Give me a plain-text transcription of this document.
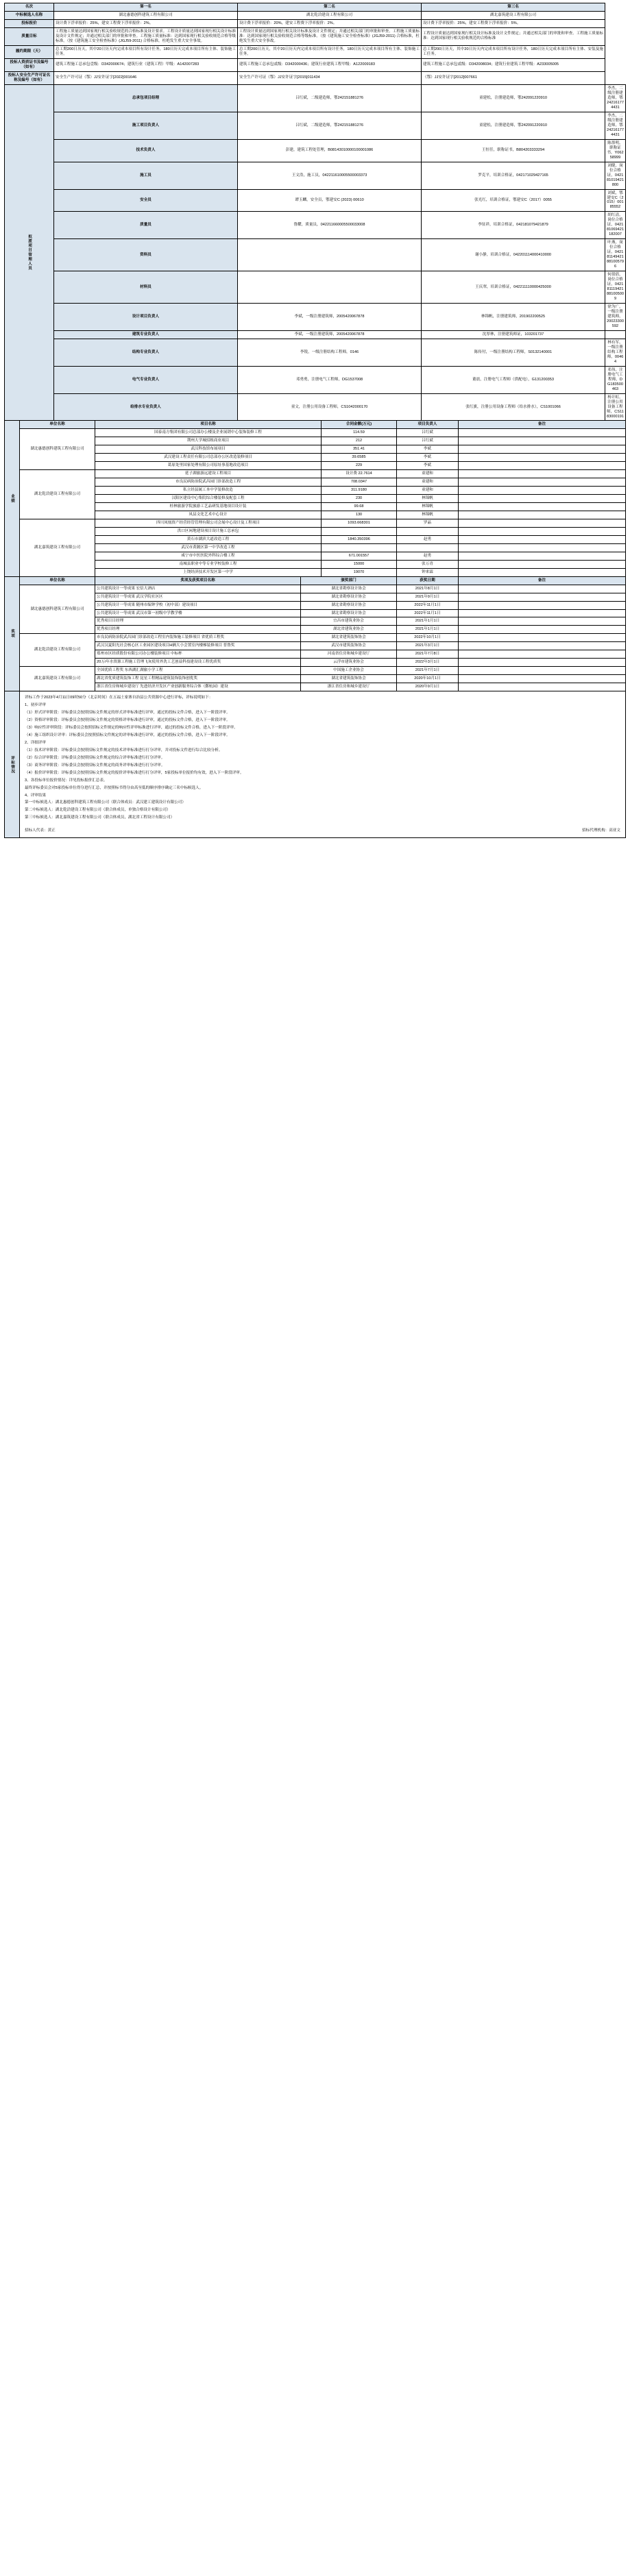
名次	第一名	第二名	第三名	
中标候选人名称	湖北惠德创科建筑工程有限公司	湖北乾洽建设工程有限公司	湖北嘉筑建设工程有限公司	
投标报价	设计费下浮率报价：25%，建安工程费下浮率报价：2%。	设计费下浮率报价：20%，建安工程费下浮率报价：2%。	设计费下浮率报价：25%，建安工程费下浮率报价：5%。	
质量目标	工程施工质量达到国家现行相关验收规范的合格标准及设计要求。工程设计质量达到国家现行相关设计标准及设计文件规定；并通过相关部门的审批和审查。工程施工质量标准：达到国家现行相关验收规范合格等级标准。（按《建筑施工安全检查标准》(JGJ59-2011) 合格标准，杜绝发生重大安全事故。	工程设计质量达到国家现行相关设计标准及设计文件规定；并通过相关部门的审批和审查。工程施工质量标准：达到国家现行相关验收规范合格等级标准。（按《建筑施工安全检查标准》(JGJ59-2011) 合格标准，杜绝发生重大安全事故。	工程设计质量达到国家现行相关设计标准及设计文件规定；并通过相关部门的审批和审查。工程施工质量标准：达到国家现行相关验收规范的合格标准	
履约期限（天）	总工期200日历天，其中20日历天内完成本项目所有设计任务，180日历天完成本项目所有主体、装饰施工任务。	总工期200日历天，其中20日历天内完成本项目所有设计任务，180日历天完成本项目所有主体、装饰施工任务。	总工期200日历天，其中20日历天内完成本项目所有设计任务，180日历天完成本项目所有主体、安装及施工任务。	
投标人资质证书及编号（如有）	建筑工程施工总承包壹级：D342000674；建筑行业（建筑工程）甲级：A142007283	建筑工程施工总承包贰级：D342000436；建筑行业建筑工程甲级：A122009183	建筑工程施工总承包贰级：D342008034；建筑行业建筑工程甲级：A233005005	
投标人安全生产许可证名称及编号（如有）	安全生产许可证（鄂）JJ安许证字[2022]001646	安全生产许可证（鄂）JJ安许证字[2015]011434	（鄂）JJ安许证字[2012]007661	
拟派项目管理人员	总承包项目经理	吕红斌，二级建造师，鄂242151881276	童建松，注册建造师，鄂242091220910	李杰，二级注册建造师，鄂242161774431
	施工项目负责人	吕红斌，二级建造师，鄂242151881276	童建松，注册建造师，鄂242091220910	李杰，二级注册建造师，鄂242161774431
	技术负责人	彭建，建筑工程处管理，B08143010000100001086	王恒任，职称证书，B804203333294	陈墨明，职称证书，Y06258999
	施工员	王文浩，施工员，042211610005500003373	罗克平，培训合格证，042171029427165	刘健，岗位合格证，042181019421800
	安全员	谭玉麟，安全员，鄂建安C (2023) 00610	张光红，培训合格证，鄂建安C（2017）0055	刘斌，鄂建安C（2015）00185552
	质量员	鲁耀，质量员，042211660005500033008	李征祥，培训合格证，042181079421879	胡红清，岗位合格证，042181069421182007
	资料员		谢小静，培训合格证，042201114000410000	叶燕，岗位合格证，042181149421881005796
	材料员		王庆翠，培训合格证，042211110000425000	何倩倩，岗位合格证，042181119421881005009
	设计项目负责人	李斌，一级注册建筑师，2005420067878	林锦帆，注册建筑师，201902200525	徐为广，一级注册建筑师，20023300592
	建筑专业负责人	李斌，一级注册建筑师，2005420067878	沈厚林，注册建筑师证，103201737	
	结构专业负责人	李锐，一级注册结构工程师，0146	陈传付，一级注册结构工程师，S0132140001	林有军，一级注册结构工程师，00464
	电气专业负责人	邓勇勇，注册电气工程师，DG1537008	董晨，注册电气工程师（供配电），G131200353	邓伟，注册电气工程师，DG183500463
	给排水专业负责人	童文，注册公用设备工程师，CS1042000170	张红旗，注册公用设备工程师（给水排水），CS1001066	杨计虹，注册公用设备工程师，CS1183000191
业绩	单位名称	项目名称	合同金额(万元)	项目负责人	备注
	湖北惠德创科建筑工程有限公司	国泰南方集团有限公司总部办公楼及企业展销中心装饰装修工程	114.59	吕红斌	
		荆州大学城招租商业项目	212	吕红斌	
		武汉科技馆布展项目	351.41	李斌	
		武汉建设工程责任有限公司总部办公区改造装修项目	39.6585	李斌	
		葛原处里国家处理有限公司原址事基地改造项目	229	李斌	
	湖北乾洽建设工程有限公司	延子湖旅游远建设工程项目	设计费 22.7614	童建和	
		市良民病防治院武昌园门诊部改造工程	708.0347	童建和	
		私立经县属工本中学装修改造	311.9180	童建和	
		汉阳区建设中心集院综合楼装修及配套工程	230	林锦帆	
		桂林旅游学院旅游工艺品研发基地项目设计装	99.68	林锦帆	
		凤县文化艺术中心设计	130	林锦帆	
	湖北嘉筑建设工程有限公司	四川凤凰资产经营经管管理有限公司会展中心设计及工程项目	1093.668301	罗晶	
		洪口区闲地建设项目设计施工总承包			
		黄石市湖滨大道改造工程	1840.350396	赵勇	
		武汉市黄陂区第一中学改造工程			
		咸宁市中医医院外科综合楼工程	671.001557	赵勇	
		南城县职业中等专业学校装修工程	15000	张万青	
		上饶经济技术开发区第一中学	19070	钟来霖	
奖项	单位名称	奖项及获奖项目名称	颁奖部门	获奖日期	备注
	湖北惠德创科建筑工程有限公司	公共建筑设计一等成果 宏信大酒店	湖北省勘察设计协会	2021年8月1日	
		公共建筑设计一等成果 武汉学院社区区	湖北省勘察设计协会	2021年9月1日	
		公共建筑设计一等成果 随州市编钟学校（初中部）建设项目	湖北省勘察设计协会	2022年11月1日	
		公共建筑设计一等成果 武汉市第一初级中学教学楼	湖北省勘察设计协会	2022年11月1日	
		优秀项目目经理	宜昌市建筑业协会	2021年1月1日	
		优秀项目经理	湖北省建筑业协会	2021年1月1日	
	湖北乾洽建设工程有限公司	市良民病防治院武昌园门诊部改造工程室内装饰施工装修项目 省优质工程奖	湖北省建筑装饰协会	2022年10月1日	
		武汉汉夏阳光社会核心区工业园区建设项目H辆大小会置室内楼梯装修项目 普鲁奖	武汉市建筑装饰协会	2021年3月1日	
		郑州市区经质股份有限公司办公楼装修项目 中标杯	河南省住房和城乡建设厅	2021年7月8日	
		20万/年水资源工程施工管理飞灰使用外洗工艺创益科技建设设工程优质奖	云浮市建筑业协会	2022年3月1日	
	湖北嘉筑建设工程有限公司	全国优质工程奖 东西湖汇湖旅小学工程	中国施工企业协会	2021年7月1日	
		湖北省优质建筑装饰工程 昆星工程精品建筑装饰装饰创优奖	湖北省建筑装饰协会	2020年10月1日	
		浙江省住房和城乡建设厅 先进经济开发区产业创新服务综合体（鄞杭园）建设	浙江省住房和城乡建设厅	2020年9月1日	
评标情况	
评标工作于2023年4月11日09时50分（北京时间）在五福土家寨自治县公共资源中心进行评标，评标说明如下：
1、初步评审
（1）形式评审阶段：评标委员会按照招标文件规定的形式评审标准进行评审，通过的投标文件合格，进入下一阶段评审。
（2）资格评审阶段：评标委员会按照招标文件规定的资格评审标准进行评审，通过的投标文件合格，进入下一阶段评审。
（3）响应性评审阶段：评标委员会按照招标文件规定的响应性评审标准进行评审，通过的投标文件合格，进入下一阶段评审。
（4）施工组织设计评审：评标委员会按照招标文件规定的评审标准进行评审，通过的投标文件合格，进入下一阶段评审。
2、详细评审
（1）技术评审阶段：评标委员会按照招标文件规定的技术评审标准进行打分评审，并对投标文件进行综合比较分析。
（2）综合评审阶段：评标委员会按照招标文件规定的综合评审标准进行打分评审。
（3）商务评审阶段：评标委员会按照招标文件规定的商务评审标准进行打分评审。
（4）报价评审阶段：评标委员会按照招标文件规定的报价评审标准进行打分评审，5家投标单位报价均有效，进入下一阶段评审。
3、各投标单位报价情况：详见投标报价汇总表。
最终评标委员会对5家投标单位得分进行汇总，并按照标书得分由高至低的顺序排序确定三名中标候选人。
4、评审结果
第一中标候选人：湖北惠德创科建筑工程有限公司（联合体成员：武汉建工建筑设计有限公司）
第二中标候选人：湖北乾洽建设工程有限公司（联合体成员，单独合格设计有限公司）
第三中标候选人：湖北嘉筑建设工程有限公司（联合体成员，湖北省工程设计有限公司）
招标人代表：黄正	招标代理机构：高亚文
